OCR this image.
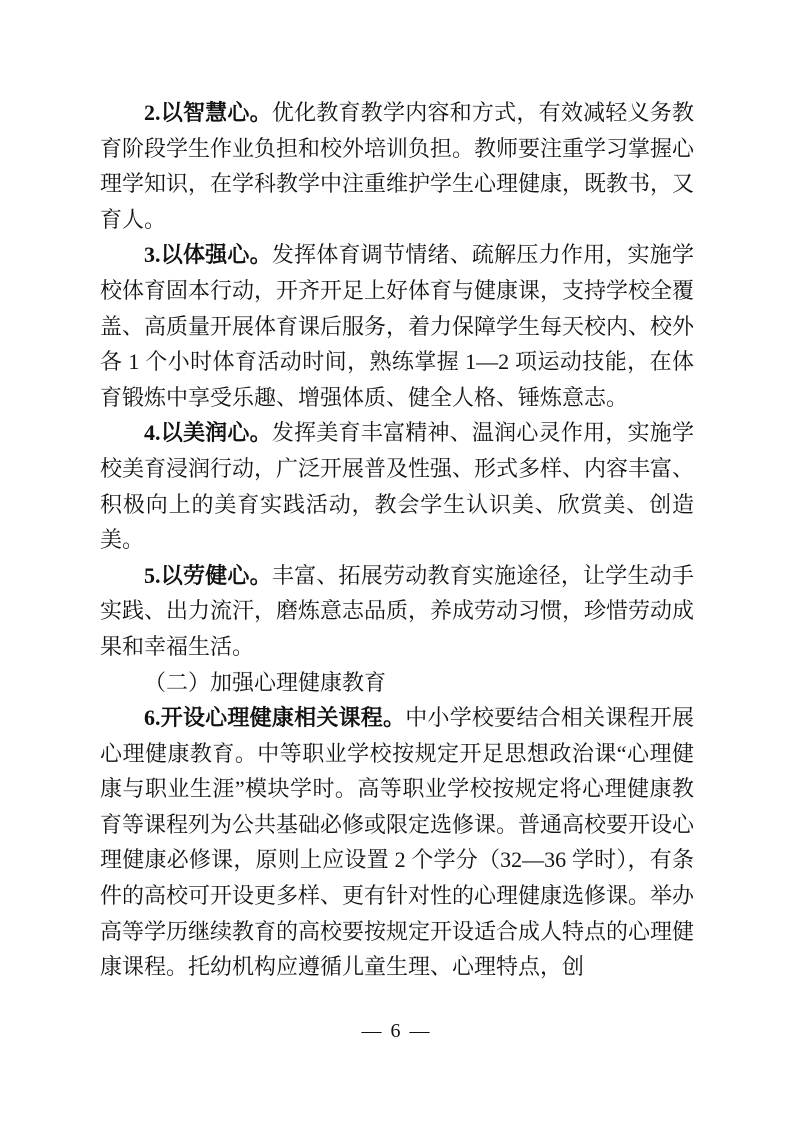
2.以智慧心。优化教育教学内容和方式，有效减轻义务教育阶段学生作业负担和校外培训负担。教师要注重学习掌握心理学知识，在学科教学中注重维护学生心理健康，既教书，又育人。

3.以体强心。发挥体育调节情绪、疏解压力作用，实施学校体育固本行动，开齐开足上好体育与健康课，支持学校全覆盖、高质量开展体育课后服务，着力保障学生每天校内、校外各 1 个小时体育活动时间，熟练掌握 1—2 项运动技能，在体育锻炼中享受乐趣、增强体质、健全人格、锤炼意志。

4.以美润心。发挥美育丰富精神、温润心灵作用，实施学校美育浸润行动，广泛开展普及性强、形式多样、内容丰富、积极向上的美育实践活动，教会学生认识美、欣赏美、创造美。

5.以劳健心。丰富、拓展劳动教育实施途径，让学生动手实践、出力流汗，磨炼意志品质，养成劳动习惯，珍惜劳动成果和幸福生活。

（二）加强心理健康教育

6.开设心理健康相关课程。中小学校要结合相关课程开展心理健康教育。中等职业学校按规定开足思想政治课“心理健康与职业生涯”模块学时。高等职业学校按规定将心理健康教育等课程列为公共基础必修或限定选修课。普通高校要开设心理健康必修课，原则上应设置 2 个学分（32—36 学时），有条件的高校可开设更多样、更有针对性的心理健康选修课。举办高等学历继续教育的高校要按规定开设适合成人特点的心理健康课程。托幼机构应遵循儿童生理、心理特点，创

— 6 —
